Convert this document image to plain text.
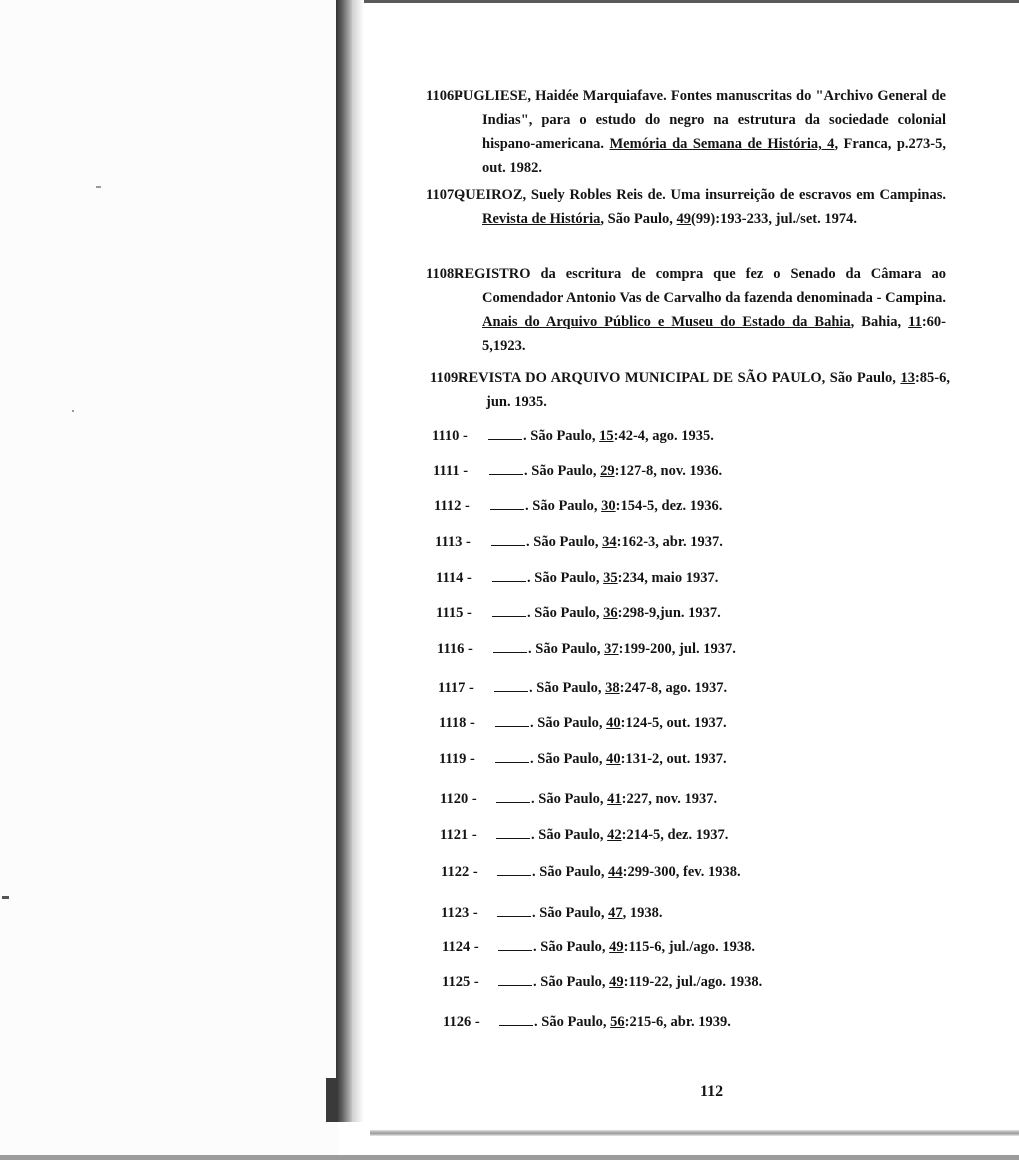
1106 -
PUGLIESE, Haidée Marquiafave. Fontes manuscritas do "Archivo General de Indias", para o estudo do negro na estrutura da sociedade colonial hispano-americana. Memória da Semana de História, 4, Franca, p.273-5, out. 1982.
1107 -
QUEIROZ, Suely Robles Reis de. Uma insurreição de escravos em Campinas. Revista de História, São Paulo, 49(99):193-233, jul./set. 1974.
1108 -
REGISTRO da escritura de compra que fez o Senado da Câmara ao Comendador Antonio Vas de Carvalho da fazenda denominada - Campina. Anais do Arquivo Público e Museu do Estado da Bahia, Bahia, 11:60-5,1923.
1109 -
REVISTA DO ARQUIVO MUNICIPAL DE SÃO PAULO, São Paulo, 13:85-6, jun. 1935.
1110 -	. São Paulo, 15:42-4, ago. 1935.
1111 -	. São Paulo, 29:127-8, nov. 1936.
1112 -	. São Paulo, 30:154-5, dez. 1936.
1113 -	. São Paulo, 34:162-3, abr. 1937.
1114 -	. São Paulo, 35:234, maio 1937.
1115 -	. São Paulo, 36:298-9,jun. 1937.
1116 -	. São Paulo, 37:199-200, jul. 1937.
1117 -	. São Paulo, 38:247-8, ago. 1937.
1118 -	. São Paulo, 40:124-5, out. 1937.
1119 -	. São Paulo, 40:131-2, out. 1937.
1120 -	. São Paulo, 41:227, nov. 1937.
1121 -	. São Paulo, 42:214-5, dez. 1937.
1122 -	. São Paulo, 44:299-300, fev. 1938.
1123 -	. São Paulo, 47, 1938.
1124 -	. São Paulo, 49:115-6, jul./ago. 1938.
1125 -	. São Paulo, 49:119-22, jul./ago. 1938.
1126 -	. São Paulo, 56:215-6, abr. 1939.
112
